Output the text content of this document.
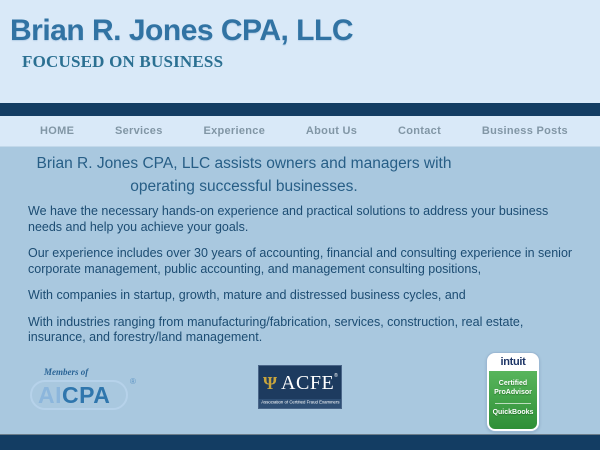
Brian R. Jones CPA, LLC
FOCUSED ON BUSINESS
HOME	Services	Experience	About Us	Contact	Business Posts
Brian R. Jones CPA, LLC assists owners and managers with
operating successful businesses.

We have the necessary hands-on experience and practical solutions to address your business needs and help you achieve your goals.

Our experience includes over 30 years of accounting, financial and consulting experience in senior corporate management, public accounting, and management consulting positions,

With companies in startup, growth, mature and distressed business cycles, and

With industries ranging from manufacturing/fabrication, services, construction, real estate, insurance, and forestry/land management.

Members of
AICPA
®	Ψ ACFE ®
Association of Certified Fraud Examiners
intuit
Certified
ProAdvisor
QuickBooks
